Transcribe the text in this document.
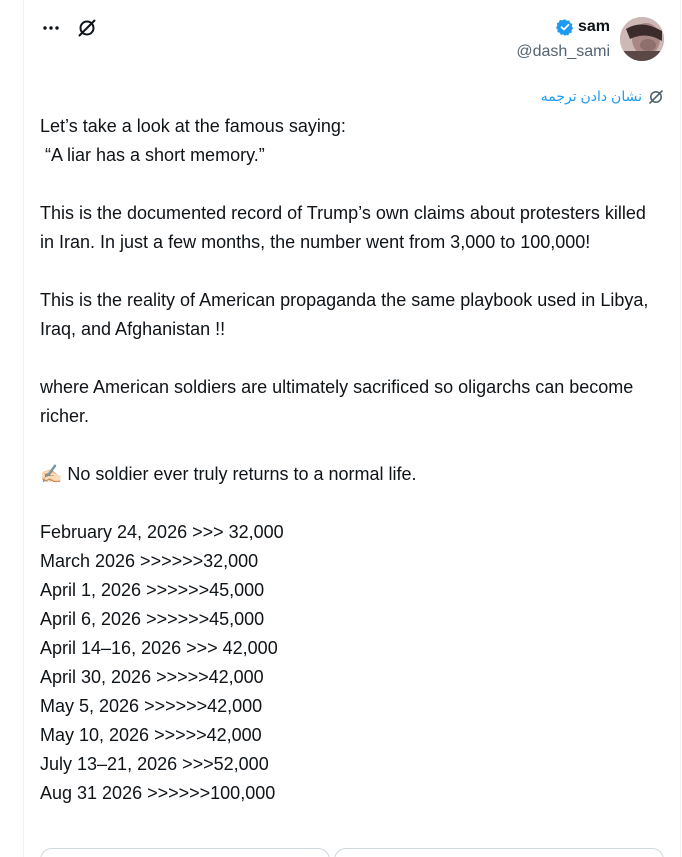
sam
@dash_sami
نشان دادن ترجمه

Let’s take a look at the famous saying:

“A liar has a short memory.”

This is the documented record of Trump’s own claims about protesters killed in Iran. In just a few months, the number went from 3,000 to 100,000!

This is the reality of American propaganda the same playbook used in Libya, Iraq, and Afghanistan !!

where American soldiers are ultimately sacrificed so oligarchs can become richer.

✍🏻 No soldier ever truly returns to a normal life.

February 24, 2026 >>> 32,000
March 2026 >>>>>>32,000
April 1, 2026 >>>>>>45,000
April 6, 2026 >>>>>>45,000
April 14–16, 2026 >>> 42,000
April 30, 2026 >>>>>42,000
May 5, 2026 >>>>>>42,000
May 10, 2026 >>>>>42,000
July 13–21, 2026 >>>52,000
Aug 31 2026 >>>>>>100,000
